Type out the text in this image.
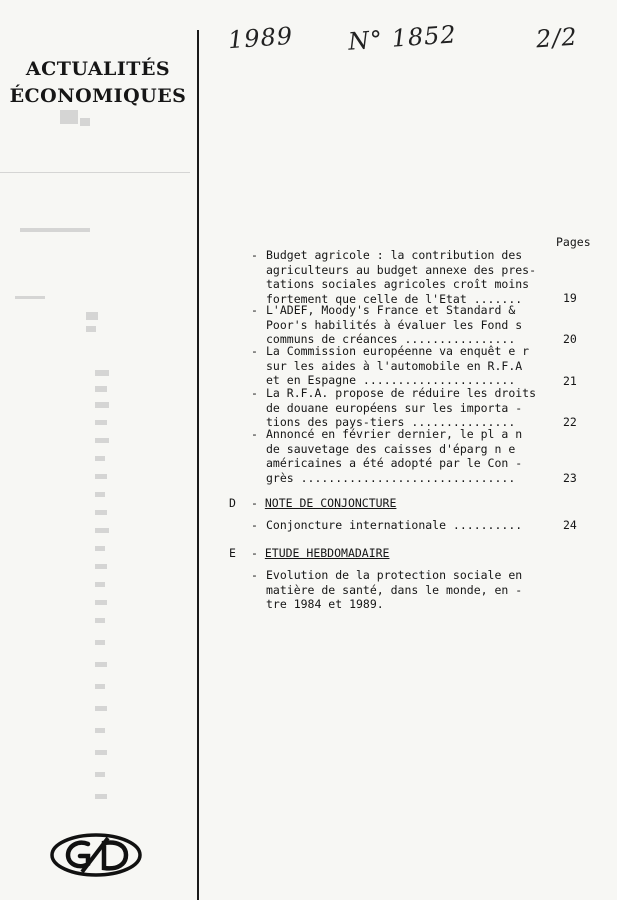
ACTUALITÉS
ÉCONOMIQUES
1989 N° 1852	2/2
Pages
- Budget agricole : la contribution des
agriculteurs au budget annexe des pres-
tations sociales agricoles croît moins
fortement que celle de l'Etat .......	19
- L'ADEF, Moody's France et Standard &
Poor's habilités à évaluer les Fond s
communs de créances ................	20
- La Commission européenne va enquêt e r
sur les aides à l'automobile en R.F.A
et en Espagne ......................	21
- La R.F.A. propose de réduire les droits
de douane européens sur les importa -
tions des pays-tiers ...............	22
- Annoncé en février dernier, le pl a n
de sauvetage des caisses d'éparg n e
américaines a été adopté par le Con -
grès ...............................	23
D - NOTE DE CONJONCTURE
- Conjoncture internationale ..........	24
E - ETUDE HEBDOMADAIRE
- Evolution de la protection sociale en
matière de santé, dans le monde, en -
tre 1984 et 1989.
